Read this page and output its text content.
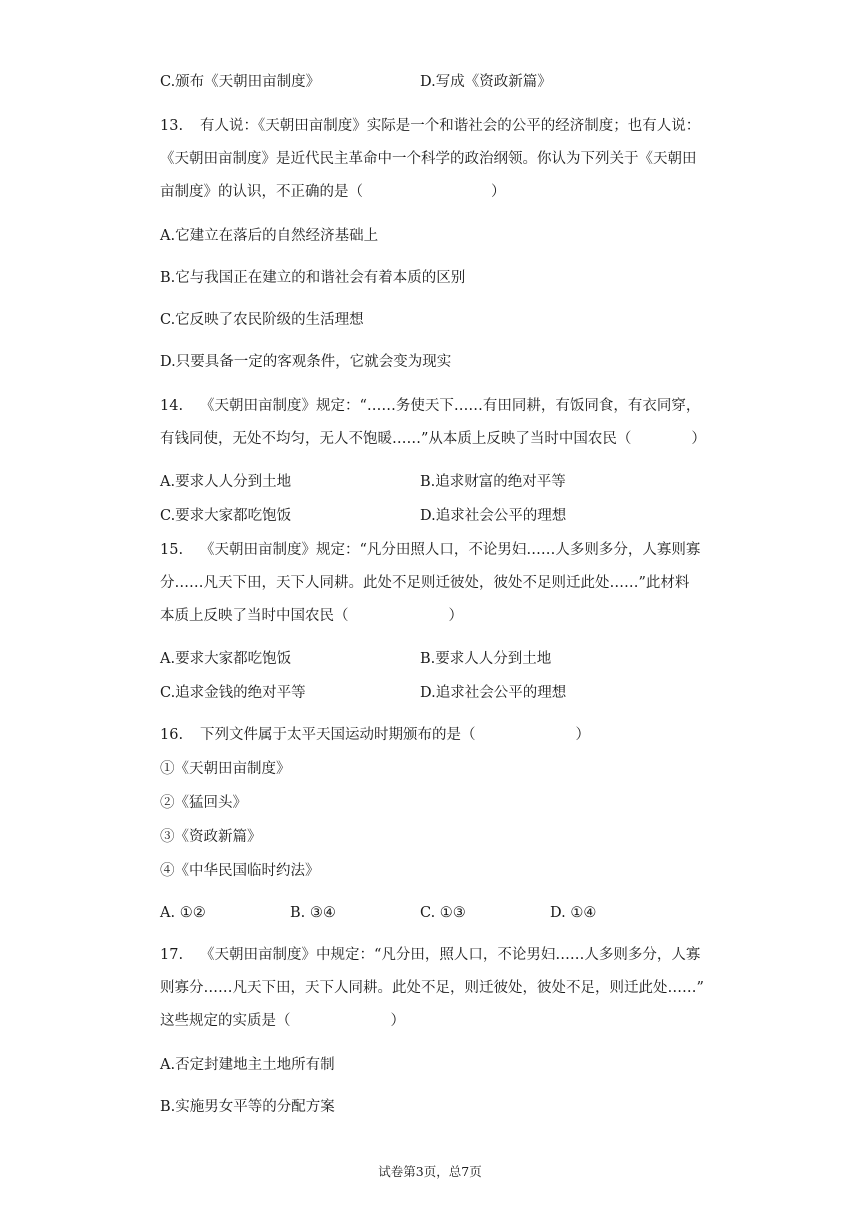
C.颁布《天朝田亩制度》	D.写成《资政新篇》
13. 有人说：《天朝田亩制度》实际是一个和谐社会的公平的经济制度；也有人说：
《天朝田亩制度》是近代民主革命中一个科学的政治纲领。你认为下列关于《天朝田
亩制度》的认识，不正确的是（	）
A.它建立在落后的自然经济基础上
B.它与我国正在建立的和谐社会有着本质的区别
C.它反映了农民阶级的生活理想
D.只要具备一定的客观条件，它就会变为现实
14. 《天朝田亩制度》规定：“……务使天下……有田同耕，有饭同食，有衣同穿，
有钱同使，无处不均匀，无人不饱暖……”从本质上反映了当时中国农民（	）
A.要求人人分到土地	B.追求财富的绝对平等
C.要求大家都吃饱饭	D.追求社会公平的理想
15. 《天朝田亩制度》规定：“凡分田照人口，不论男妇……人多则多分，人寡则寡
分……凡天下田，天下人同耕。此处不足则迁彼处，彼处不足则迁此处……”此材料
本质上反映了当时中国农民（	）
A.要求大家都吃饱饭	B.要求人人分到土地
C.追求金钱的绝对平等	D.追求社会公平的理想
16. 下列文件属于太平天国运动时期颁布的是（	）
①《天朝田亩制度》
②《猛回头》
③《资政新篇》
④《中华民国临时约法》
A. ①②	B. ③④	C. ①③	D. ①④
17. 《天朝田亩制度》中规定：“凡分田，照人口，不论男妇……人多则多分，人寡
则寡分……凡天下田，天下人同耕。此处不足，则迁彼处，彼处不足，则迁此处……”
这些规定的实质是（	）
A.否定封建地主土地所有制
B.实施男女平等的分配方案
试卷第3页，总7页
